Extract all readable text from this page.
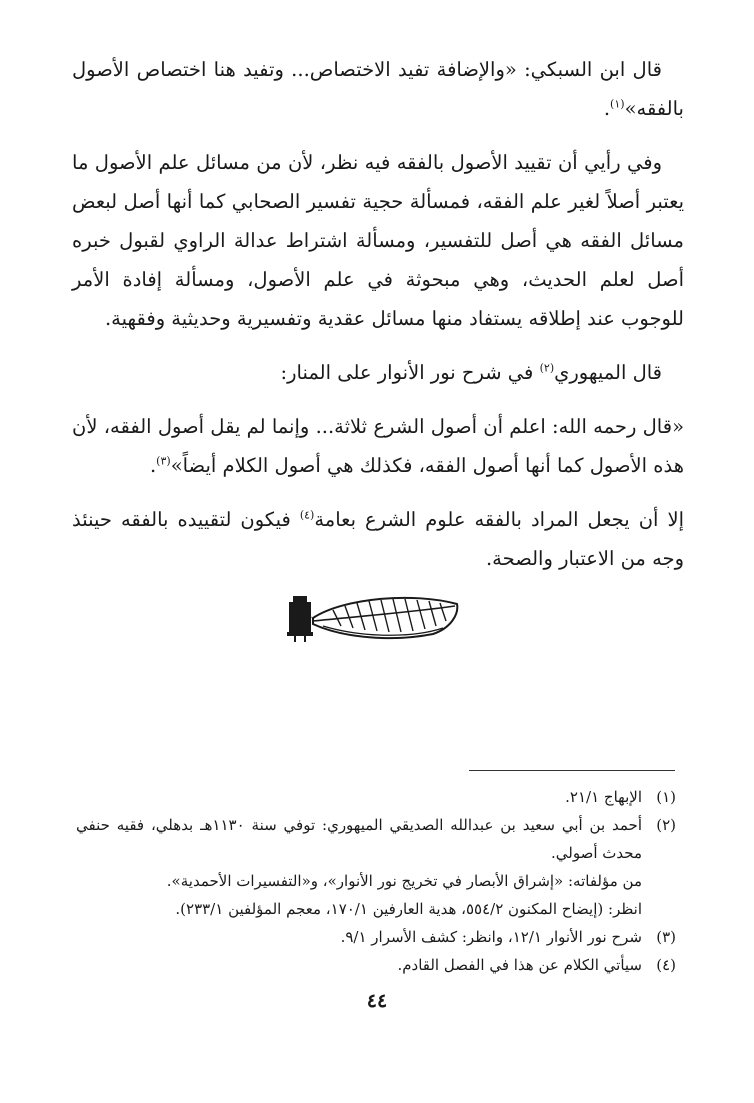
قال ابن السبكي: «والإضافة تفيد الاختصاص... وتفيد هنا اختصاص الأصول بالفقه»$^{(١)}$.

وفي رأيي أن تقييد الأصول بالفقه فيه نظر، لأن من مسائل علم الأصول ما يعتبر أصلاً لغير علم الفقه، فمسألة حجية تفسير الصحابي كما أنها أصل لبعض مسائل الفقه هي أصل للتفسير، ومسألة اشتراط عدالة الراوي لقبول خبره أصل لعلم الحديث، وهي مبحوثة في علم الأصول، ومسألة إفادة الأمر للوجوب عند إطلاقه يستفاد منها مسائل عقدية وتفسيرية وحديثية وفقهية.

قال الميهوري$^{(٢)}$ في شرح نور الأنوار على المنار:

«قال رحمه الله: اعلم أن أصول الشرع ثلاثة... وإنما لم يقل أصول الفقه، لأن هذه الأصول كما أنها أصول الفقه، فكذلك هي أصول الكلام أيضاً»$^{(٣)}$.

إلا أن يجعل المراد بالفقه علوم الشرع بعامة$^{(٤)}$ فيكون لتقييده بالفقه حينئذ وجه من الاعتبار والصحة.

(١)
الإبهاج ٢١/١.
(٢)
أحمد بن أبي سعيد بن عبدالله الصديقي الميهوري: توفي سنة ١١٣٠هـ بدهلي، فقيه حنفي محدث أصولي.
من مؤلفاته: «إشراق الأبصار في تخريج نور الأنوار»، و«التفسيرات الأحمدية».
انظر: (إيضاح المكنون ٥٥٤/٢، هدية العارفين ١٧٠/١، معجم المؤلفين ٢٣٣/١).
(٣)
شرح نور الأنوار ١٢/١، وانظر: كشف الأسرار ٩/١.
(٤)
سيأتي الكلام عن هذا في الفصل القادم.
٤٤
